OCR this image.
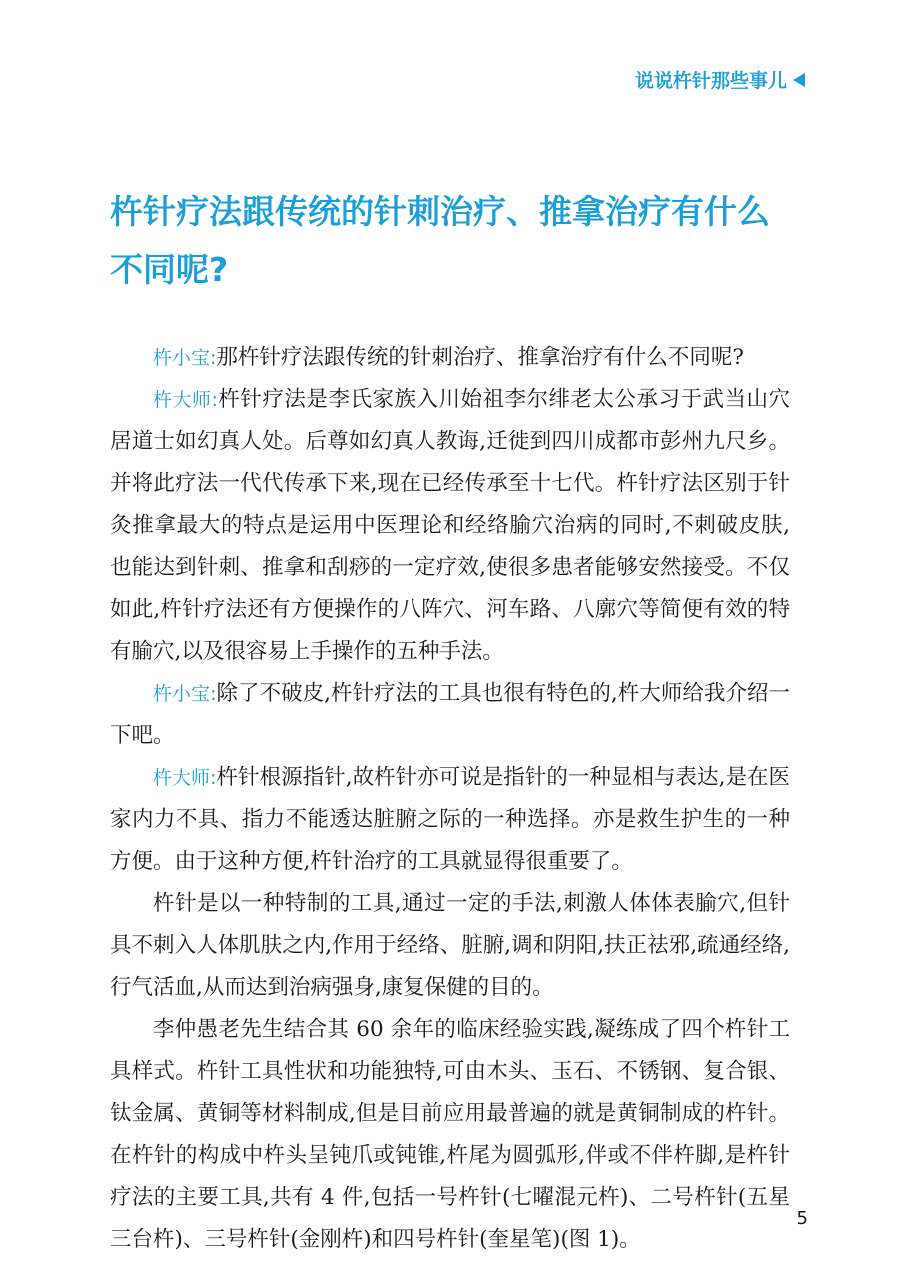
说说杵针那些事儿
杵针疗法跟传统的针刺治疗、推拿治疗有什么不同呢?

杵小宝:那杵针疗法跟传统的针刺治疗、推拿治疗有什么不同呢?

杵大师:杵针疗法是李氏家族入川始祖李尔绯老太公承习于武当山穴居道士如幻真人处。后尊如幻真人教诲,迁徙到四川成都市彭州九尺乡。并将此疗法一代代传承下来,现在已经传承至十七代。杵针疗法区别于针灸推拿最大的特点是运用中医理论和经络腧穴治病的同时,不刺破皮肤,也能达到针刺、推拿和刮痧的一定疗效,使很多患者能够安然接受。不仅如此,杵针疗法还有方便操作的八阵穴、河车路、八廓穴等简便有效的特有腧穴,以及很容易上手操作的五种手法。

杵小宝:除了不破皮,杵针疗法的工具也很有特色的,杵大师给我介绍一下吧。

杵大师:杵针根源指针,故杵针亦可说是指针的一种显相与表达,是在医家内力不具、指力不能透达脏腑之际的一种选择。亦是救生护生的一种方便。由于这种方便,杵针治疗的工具就显得很重要了。

杵针是以一种特制的工具,通过一定的手法,刺激人体体表腧穴,但针具不刺入人体肌肤之内,作用于经络、脏腑,调和阴阳,扶正祛邪,疏通经络,行气活血,从而达到治病强身,康复保健的目的。

李仲愚老先生结合其 60 余年的临床经验实践,凝练成了四个杵针工具样式。杵针工具性状和功能独特,可由木头、玉石、不锈钢、复合银、钛金属、黄铜等材料制成,但是目前应用最普遍的就是黄铜制成的杵针。在杵针的构成中杵头呈钝爪或钝锥,杵尾为圆弧形,伴或不伴杵脚,是杵针疗法的主要工具,共有 4 件,包括一号杵针(七曜混元杵)、二号杵针(五星三台杵)、三号杵针(金刚杵)和四号杵针(奎星笔)(图 1)。

5
